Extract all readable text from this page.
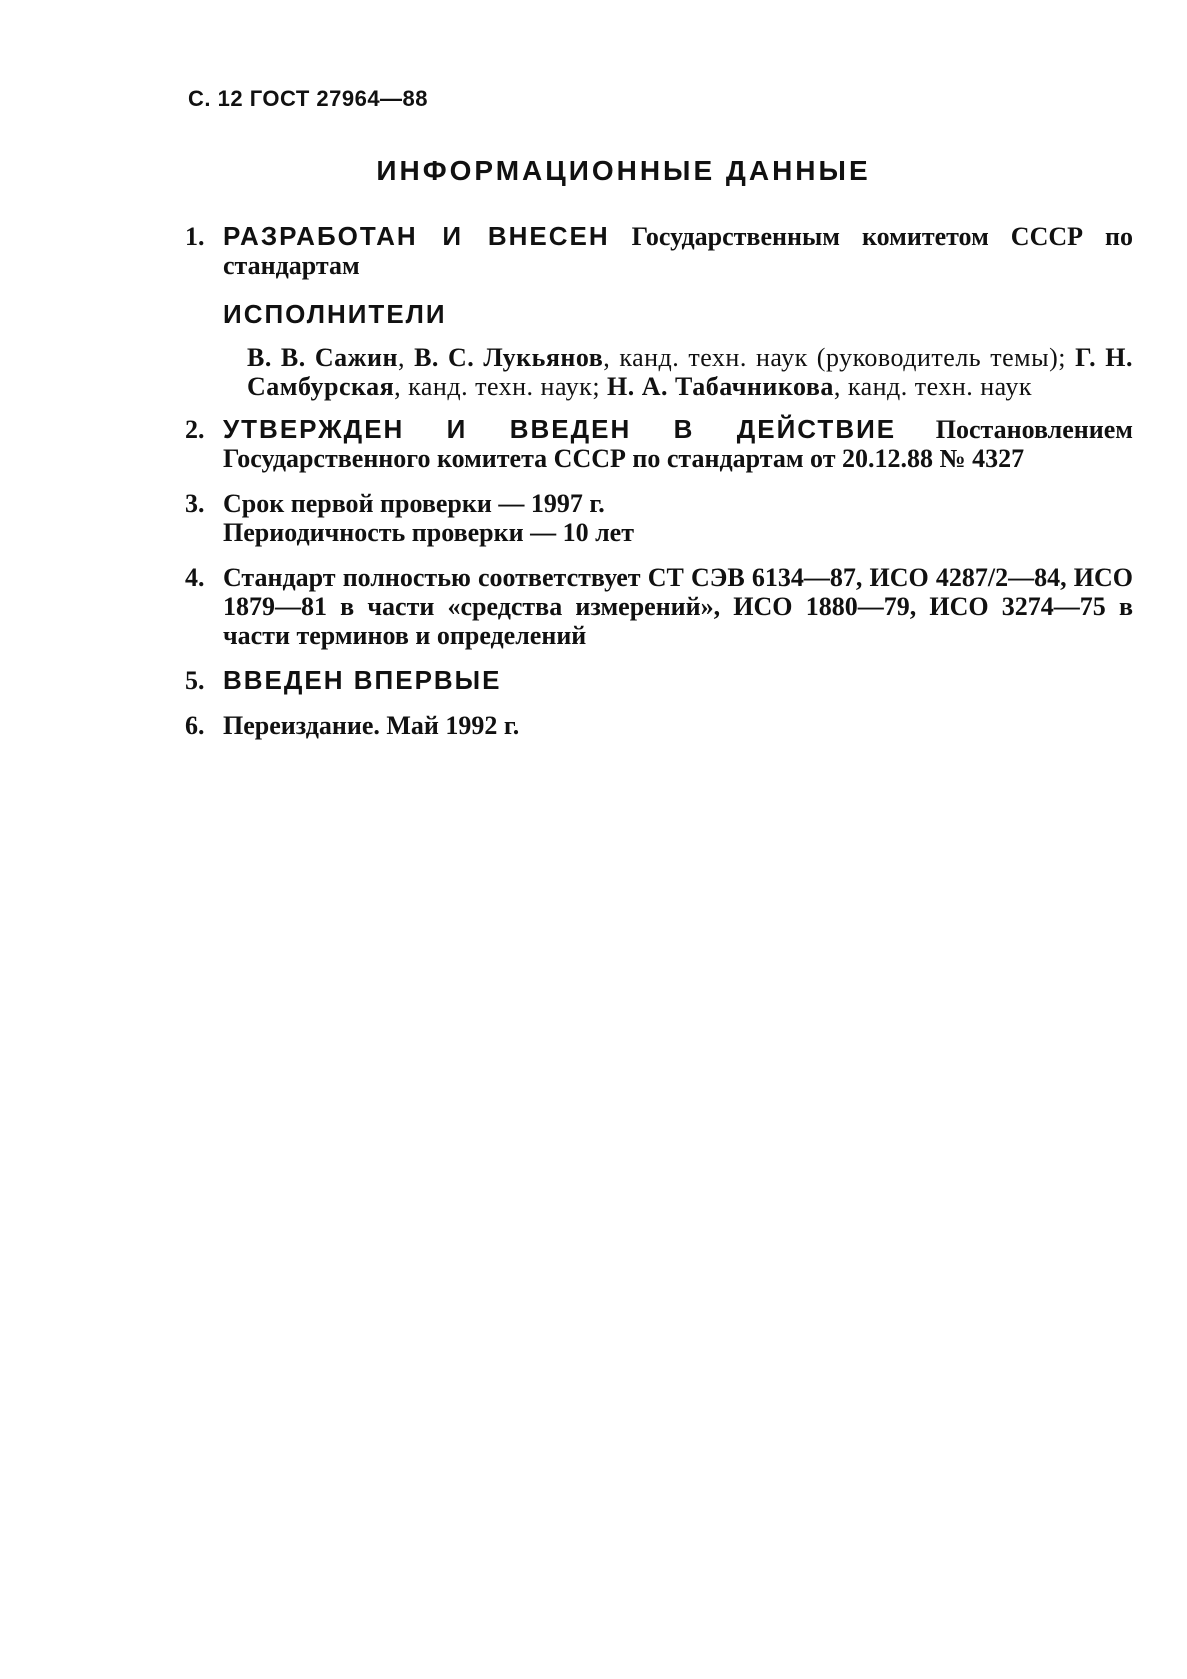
С. 12 ГОСТ 27964—88
ИНФОРМАЦИОННЫЕ ДАННЫЕ
1. РАЗРАБОТАН И ВНЕСЕН Государственным комитетом СССР по стандартам
ИСПОЛНИТЕЛИ
В. В. Сажин, В. С. Лукьянов, канд. техн. наук (руководитель темы); Г. Н. Самбурская, канд. техн. наук; Н. А. Табачникова, канд. техн. наук
2. УТВЕРЖДЕН И ВВЕДЕН В ДЕЙСТВИЕ Постановлением Государственного комитета СССР по стандартам от 20.12.88 № 4327
3. Срок первой проверки — 1997 г.
Периодичность проверки — 10 лет
4. Стандарт полностью соответствует СТ СЭВ 6134—87, ИСО 4287/2—84, ИСО 1879—81 в части «средства измерений», ИСО 1880—79, ИСО 3274—75 в части терминов и определений
5. ВВЕДЕН ВПЕРВЫЕ
6. Переиздание. Май 1992 г.
